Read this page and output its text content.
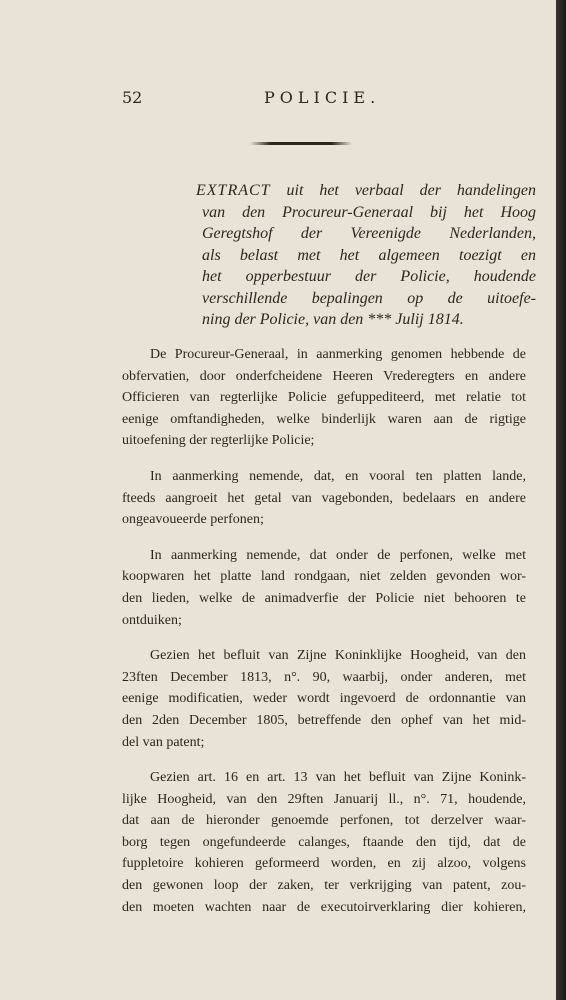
52	POLICIE.
EXTRACT uit het verbaal der handelingen
van den Procureur-Generaal bij het Hoog
Geregtshof der Vereenigde Nederlanden,
als belast met het algemeen toezigt en
het opperbestuur der Policie, houdende
verschillende bepalingen op de uitoefe-
ning der Policie, van den *** Julij 1814.
De Procureur-Generaal, in aanmerking genomen hebbende de
obfervatien, door onderfcheidene Heeren Vrederegters en andere
Officieren van regterlijke Policie gefuppediteerd, met relatie tot
eenige omftandigheden, welke binderlijk waren aan de rigtige
uitoefening der regterlijke Policie;
In aanmerking nemende, dat, en vooral ten platten lande,
fteeds aangroeit het getal van vagebonden, bedelaars en andere
ongeavoueerde perfonen;
In aanmerking nemende, dat onder de perfonen, welke met
koopwaren het platte land rondgaan, niet zelden gevonden wor-
den lieden, welke de animadverfie der Policie niet behooren te
ontduiken;
Gezien het befluit van Zijne Koninklijke Hoogheid, van den
23ften December 1813, n°. 90, waarbij, onder anderen, met
eenige modificatien, weder wordt ingevoerd de ordonnantie van
den 2den December 1805, betreffende den ophef van het mid-
del van patent;
Gezien art. 16 en art. 13 van het befluit van Zijne Konink-
lijke Hoogheid, van den 29ften Januarij ll., n°. 71, houdende,
dat aan de hieronder genoemde perfonen, tot derzelver waar-
borg tegen ongefundeerde calanges, ftaande den tijd, dat de
fuppletoire kohieren geformeerd worden, en zij alzoo, volgens
den gewonen loop der zaken, ter verkrijging van patent, zou-
den moeten wachten naar de executoirverklaring dier kohieren,
